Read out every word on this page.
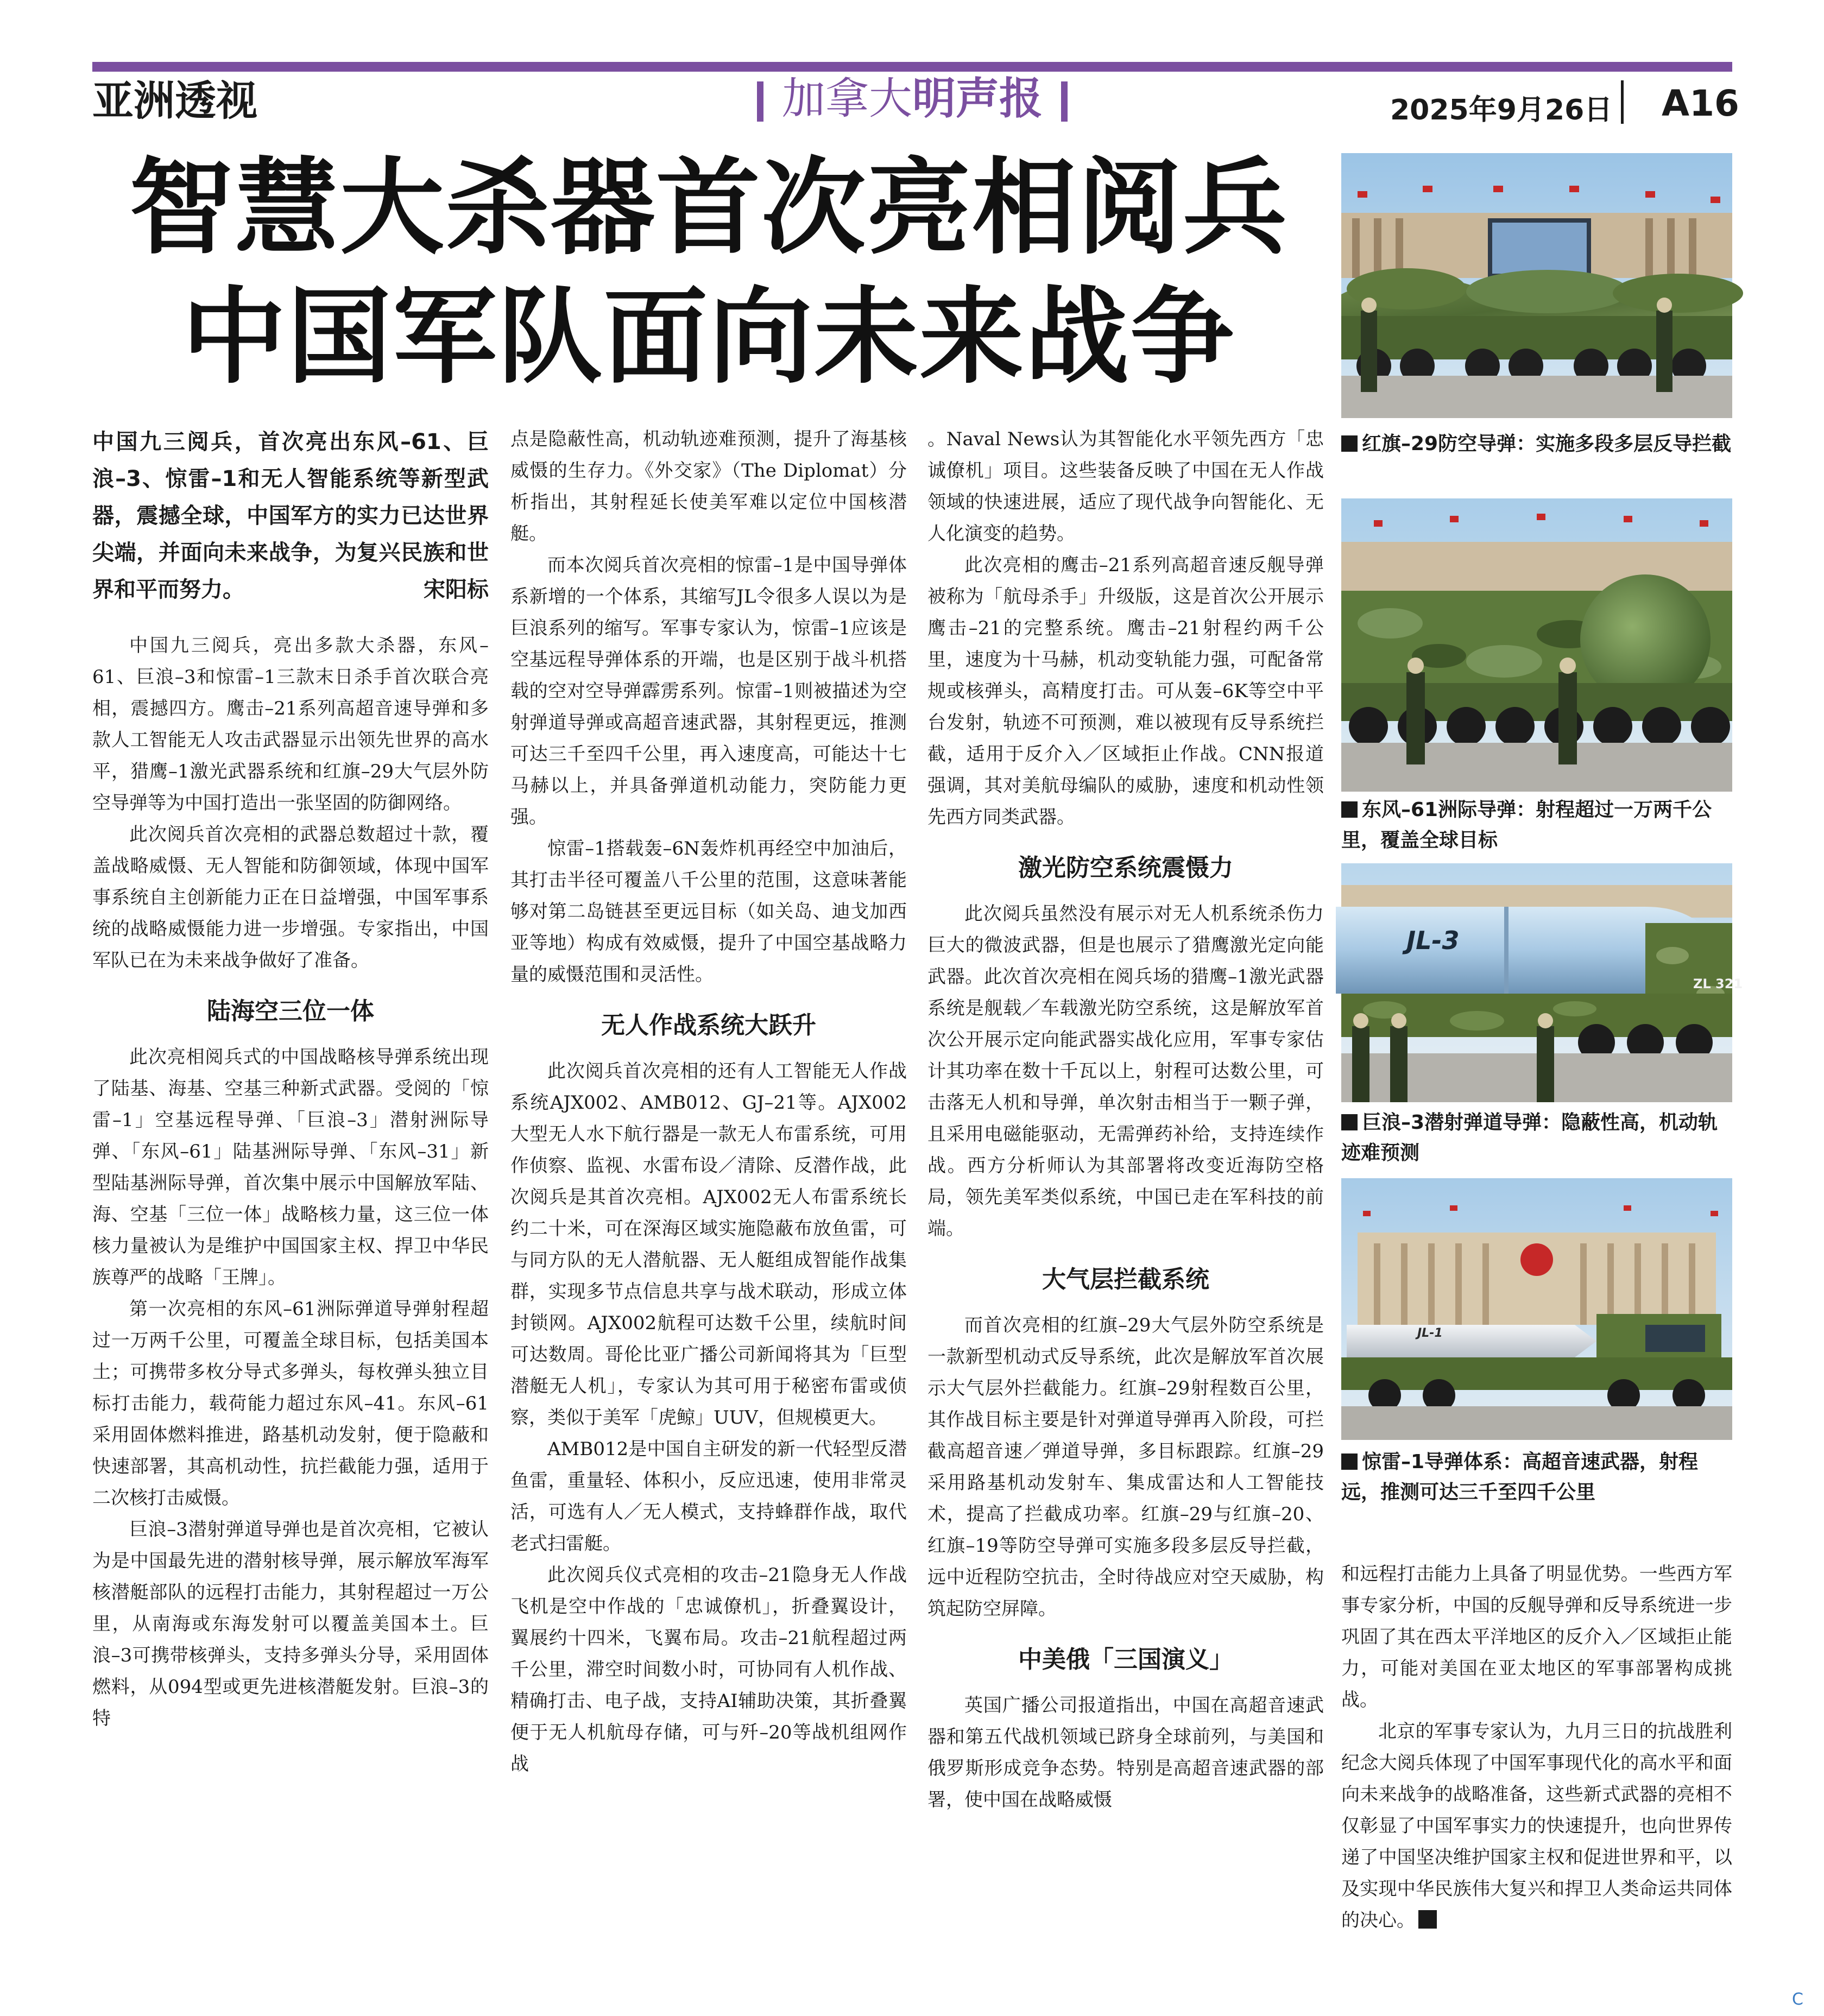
亚洲透视	加拿大明声报	2025年9月26日 A16
智慧大杀器首次亮相阅兵
中国军队面向未来战争
中国九三阅兵，首次亮出东风–61、巨浪–3、惊雷–1和无人智能系统等新型武器，震撼全球，中国军方的实力已达世界尖端，并面向未来战争，为复兴民族和世界和平而努力。	宋阳标

中国九三阅兵，亮出多款大杀器，东风–61、巨浪–3和惊雷–1三款末日杀手首次联合亮相，震撼四方。鹰击–21系列高超音速导弹和多款人工智能无人攻击武器显示出领先世界的高水平，猎鹰–1激光武器系统和红旗–29大气层外防空导弹等为中国打造出一张坚固的防御网络。

此次阅兵首次亮相的武器总数超过十款，覆盖战略威慑、无人智能和防御领域，体现中国军事系统自主创新能力正在日益增强，中国军事系统的战略威慑能力进一步增强。专家指出，中国军队已在为未来战争做好了准备。

陆海空三位一体

此次亮相阅兵式的中国战略核导弹系统出现了陆基、海基、空基三种新式武器。受阅的「惊雷–1」空基远程导弹、「巨浪–3」潜射洲际导弹、「东风–61」陆基洲际导弹、「东风–31」新型陆基洲际导弹，首次集中展示中国解放军陆、海、空基「三位一体」战略核力量，这三位一体核力量被认为是维护中国国家主权、捍卫中华民族尊严的战略「王牌」。

第一次亮相的东风–61洲际弹道导弹射程超过一万两千公里，可覆盖全球目标，包括美国本土；可携带多枚分导式多弹头，每枚弹头独立目标打击能力，载荷能力超过东风–41。东风–61采用固体燃料推进，路基机动发射，便于隐蔽和快速部署，其高机动性，抗拦截能力强，适用于二次核打击威慑。

巨浪–3潜射弹道导弹也是首次亮相，它被认为是中国最先进的潜射核导弹，展示解放军海军核潜艇部队的远程打击能力，其射程超过一万公里，从南海或东海发射可以覆盖美国本土。巨浪–3可携带核弹头，支持多弹头分导，采用固体燃料，从094型或更先进核潜艇发射。巨浪–3的特

点是隐蔽性高，机动轨迹难预测，提升了海基核威慑的生存力。《外交家》（The Diplomat）分析指出，其射程延长使美军难以定位中国核潜艇。

而本次阅兵首次亮相的惊雷–1是中国导弹体系新增的一个体系，其缩写JL令很多人误以为是巨浪系列的缩写。军事专家认为，惊雷–1应该是空基远程导弹体系的开端，也是区别于战斗机搭载的空对空导弹霹雳系列。惊雷–1则被描述为空射弹道导弹或高超音速武器，其射程更远，推测可达三千至四千公里，再入速度高，可能达十七马赫以上，并具备弹道机动能力，突防能力更强。

惊雷–1搭载轰–6N轰炸机再经空中加油后，其打击半径可覆盖八千公里的范围，这意味著能够对第二岛链甚至更远目标（如关岛、迪戈加西亚等地）构成有效威慑，提升了中国空基战略力量的威慑范围和灵活性。

无人作战系统大跃升

此次阅兵首次亮相的还有人工智能无人作战系统AJX002、AMB012、GJ–21等。AJX002大型无人水下航行器是一款无人布雷系统，可用作侦察、监视、水雷布设／清除、反潜作战，此次阅兵是其首次亮相。AJX002无人布雷系统长约二十米，可在深海区域实施隐蔽布放鱼雷，可与同方队的无人潜航器、无人艇组成智能作战集群，实现多节点信息共享与战术联动，形成立体封锁网。AJX002航程可达数千公里，续航时间可达数周。哥伦比亚广播公司新闻将其为「巨型潜艇无人机」，专家认为其可用于秘密布雷或侦察，类似于美军「虎鲸」UUV，但规模更大。

AMB012是中国自主研发的新一代轻型反潜鱼雷，重量轻、体积小，反应迅速，使用非常灵活，可选有人／无人模式，支持蜂群作战，取代老式扫雷艇。

此次阅兵仪式亮相的攻击–21隐身无人作战飞机是空中作战的「忠诚僚机」，折叠翼设计，翼展约十四米，飞翼布局。攻击–21航程超过两千公里，滞空时间数小时，可协同有人机作战、精确打击、电子战，支持AI辅助决策，其折叠翼便于无人机航母存储，可与歼–20等战机组网作战

。Naval News认为其智能化水平领先西方「忠诚僚机」项目。这些装备反映了中国在无人作战领域的快速进展，适应了现代战争向智能化、无人化演变的趋势。

此次亮相的鹰击–21系列高超音速反舰导弹被称为「航母杀手」升级版，这是首次公开展示鹰击–21的完整系统。鹰击–21射程约两千公里，速度为十马赫，机动变轨能力强，可配备常规或核弹头，高精度打击。可从轰–6K等空中平台发射，轨迹不可预测，难以被现有反导系统拦截，适用于反介入／区域拒止作战。CNN报道强调，其对美航母编队的威胁，速度和机动性领先西方同类武器。

激光防空系统震慑力

此次阅兵虽然没有展示对无人机系统杀伤力巨大的微波武器，但是也展示了猎鹰激光定向能武器。此次首次亮相在阅兵场的猎鹰–1激光武器系统是舰载／车载激光防空系统，这是解放军首次公开展示定向能武器实战化应用，军事专家估计其功率在数十千瓦以上，射程可达数公里，可击落无人机和导弹，单次射击相当于一颗子弹，且采用电磁能驱动，无需弹药补给，支持连续作战。西方分析师认为其部署将改变近海防空格局，领先美军类似系统，中国已走在军科技的前端。

大气层拦截系统

而首次亮相的红旗–29大气层外防空系统是一款新型机动式反导系统，此次是解放军首次展示大气层外拦截能力。红旗–29射程数百公里，其作战目标主要是针对弹道导弹再入阶段，可拦截高超音速／弹道导弹，多目标跟踪。红旗–29采用路基机动发射车、集成雷达和人工智能技术，提高了拦截成功率。红旗–29与红旗–20、红旗–19等防空导弹可实施多段多层反导拦截，远中近程防空抗击，全时待战应对空天威胁，构筑起防空屏障。

中美俄「三国演义」

英国广播公司报道指出，中国在高超音速武器和第五代战机领域已跻身全球前列，与美国和俄罗斯形成竞争态势。特别是高超音速武器的部署，使中国在战略威慑

和远程打击能力上具备了明显优势。一些西方军事专家分析，中国的反舰导弹和反导系统进一步巩固了其在西太平洋地区的反介入／区域拒止能力，可能对美国在亚太地区的军事部署构成挑战。

北京的军事专家认为，九月三日的抗战胜利纪念大阅兵体现了中国军事现代化的高水平和面向未来战争的战略准备，这些新式武器的亮相不仅彰显了中国军事实力的快速提升，也向世界传递了中国坚决维护国家主权和促进世界和平，以及实现中华民族伟大复兴和捍卫人类命运共同体的决心。

红旗–29防空导弹：实施多段多层反导拦截
东风–61洲际导弹：射程超过一万两千公里，覆盖全球目标
JL-3
ZL 321
巨浪–3潜射弹道导弹：隐蔽性高，机动轨迹难预测
JL-1
惊雷–1导弹体系：高超音速武器，射程远，推测可达三千至四千公里
C
